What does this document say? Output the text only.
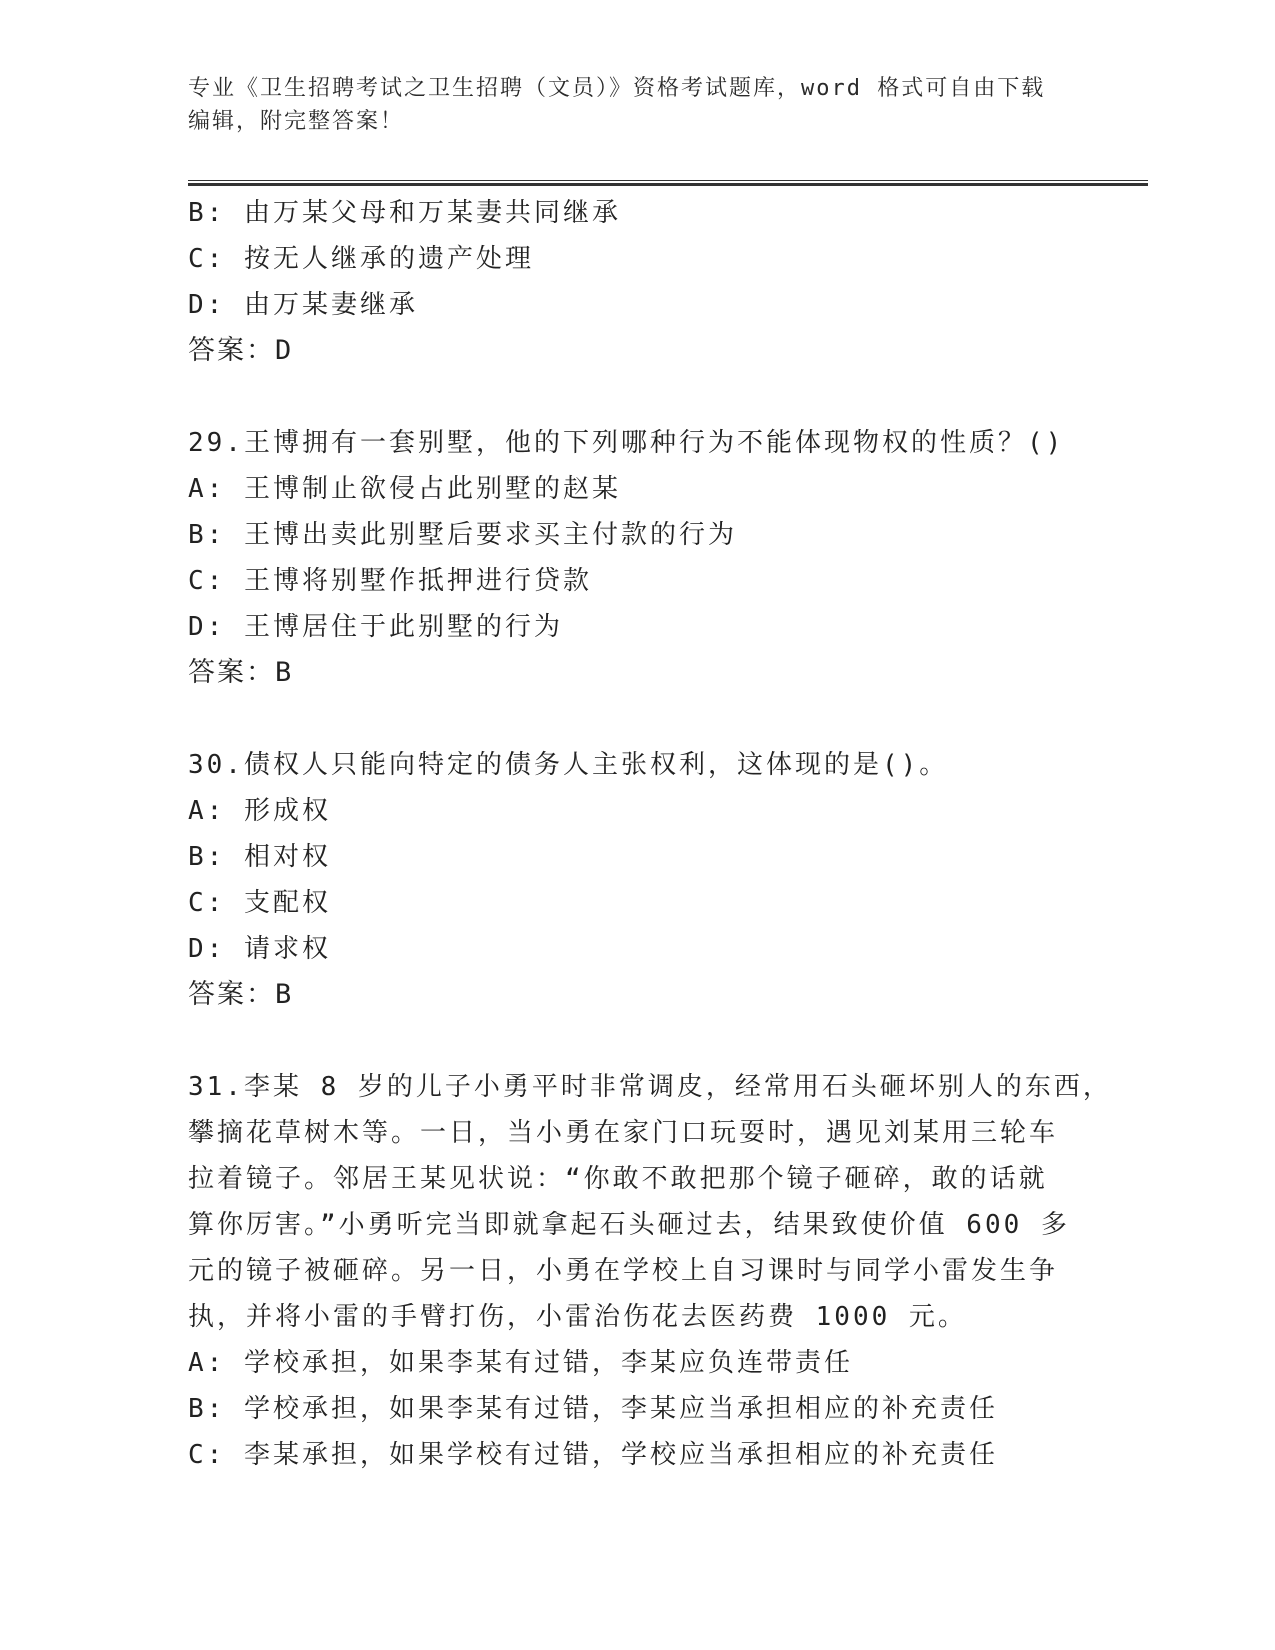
专业《卫生招聘考试之卫生招聘（文员）》资格考试题库，word 格式可自由下载
编辑，附完整答案！
B: 由万某父母和万某妻共同继承
C: 按无人继承的遗产处理
D: 由万某妻继承
答案：D
29.王博拥有一套别墅，他的下列哪种行为不能体现物权的性质？()
A: 王博制止欲侵占此别墅的赵某
B: 王博出卖此别墅后要求买主付款的行为
C: 王博将别墅作抵押进行贷款
D: 王博居住于此别墅的行为
答案：B
30.债权人只能向特定的债务人主张权利，这体现的是()。
A: 形成权
B: 相对权
C: 支配权
D: 请求权
答案：B
31.李某 8 岁的儿子小勇平时非常调皮，经常用石头砸坏别人的东西，
攀摘花草树木等。一日，当小勇在家门口玩耍时，遇见刘某用三轮车
拉着镜子。邻居王某见状说：“你敢不敢把那个镜子砸碎，敢的话就
算你厉害。”小勇听完当即就拿起石头砸过去，结果致使价值 600 多
元的镜子被砸碎。另一日，小勇在学校上自习课时与同学小雷发生争
执，并将小雷的手臂打伤，小雷治伤花去医药费 1000 元。
A: 学校承担，如果李某有过错，李某应负连带责任
B: 学校承担，如果李某有过错，李某应当承担相应的补充责任
C: 李某承担，如果学校有过错，学校应当承担相应的补充责任
